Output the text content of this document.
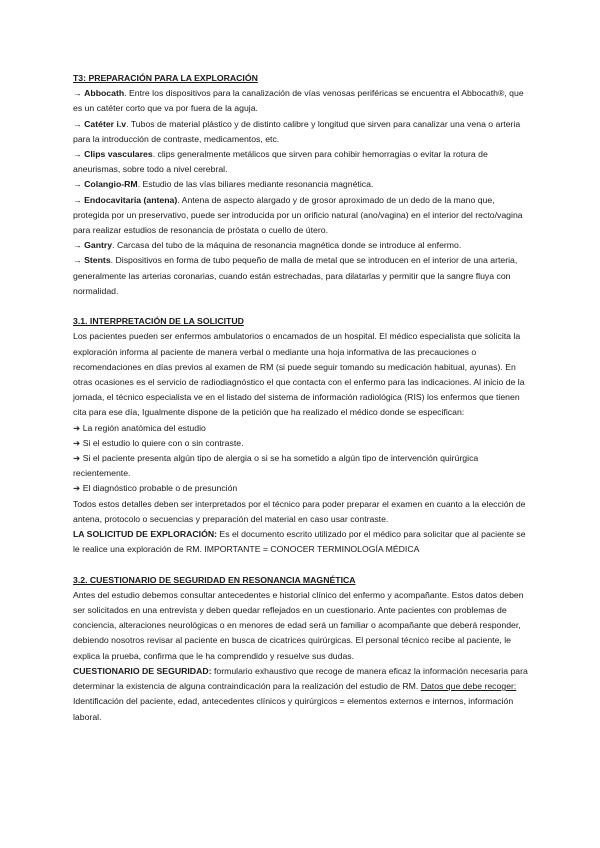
T3: PREPARACIÓN PARA LA EXPLORACIÓN

→ Abbocath. Entre los dispositivos para la canalización de vías venosas periféricas se encuentra el Abbocath®, que es un catéter corto que va por fuera de la aguja.

→ Catéter i.v. Tubos de material plástico y de distinto calibre y longitud que sirven para canalizar una vena o arteria para la introducción de contraste, medicamentos, etc.

→ Clips vasculares. clips generalmente metálicos que sirven para cohibir hemorragias o evitar la rotura de aneurismas, sobre todo a nivel cerebral.

→ Colangio-RM. Estudio de las vías biliares mediante resonancia magnética.

→ Endocavitaria (antena). Antena de aspecto alargado y de grosor aproximado de un dedo de la mano que, protegida por un preservativo, puede ser introducida por un orificio natural (ano/vagina) en el interior del recto/vagina para realizar estudios de resonancia de próstata o cuello de útero.

→ Gantry. Carcasa del tubo de la máquina de resonancia magnética donde se introduce al enfermo.

→ Stents. Dispositivos en forma de tubo pequeño de malla de metal que se introducen en el interior de una arteria, generalmente las arterias coronarias, cuando están estrechadas, para dilatarlas y permitir que la sangre fluya con normalidad.

3.1. INTERPRETACIÓN DE LA SOLICITUD

Los pacientes pueden ser enfermos ambulatorios o encamados de un hospital. El médico especialista que solicita la exploración informa al paciente de manera verbal o mediante una hoja informativa de las precauciones o recomendaciones en días previos al examen de RM (si puede seguir tomando su medicación habitual, ayunas). En otras ocasiones es el servicio de radiodiagnóstico el que contacta con el enfermo para las indicaciones. Al inicio de la jornada, el técnico especialista ve en el listado del sistema de información radiológica (RIS) los enfermos que tienen cita para ese día, Igualmente dispone de la petición que ha realizado el médico donde se especifican:

➔ La región anatómica del estudio

➔ Si el estudio lo quiere con o sin contraste.

➔ Si el paciente presenta algún tipo de alergia o si se ha sometido a algún tipo de intervención quirúrgica recientemente.

➔ El diagnóstico probable o de presunción

Todos estos detalles deben ser interpretados por el técnico para poder preparar el examen en cuanto a la elección de antena, protocolo o secuencias y preparación del material en caso usar contraste.

LA SOLICITUD DE EXPLORACIÓN: Es el documento escrito utilizado por el médico para solicitar que al paciente se le realice una exploración de RM. IMPORTANTE = CONOCER TERMINOLOGÍA MÉDICA

3.2. CUESTIONARIO DE SEGURIDAD EN RESONANCIA MAGNÉTICA

Antes del estudio debemos consultar antecedentes e historial clínico del enfermo y acompañante. Estos datos deben ser solicitados en una entrevista y deben quedar reflejados en un cuestionario. Ante pacientes con problemas de conciencia, alteraciones neurológicas o en menores de edad será un familiar o acompañante que deberá responder, debiendo nosotros revisar al paciente en busca de cicatrices quirúrgicas. El personal técnico recibe al paciente, le explica la prueba, confirma que le ha comprendido y resuelve sus dudas.

CUESTIONARIO DE SEGURIDAD: formulario exhaustivo que recoge de manera eficaz la información necesaria para determinar la existencia de alguna contraindicación para la realización del estudio de RM. Datos que debe recoger: Identificación del paciente, edad, antecedentes clínicos y quirúrgicos = elementos externos e internos, información laboral.
